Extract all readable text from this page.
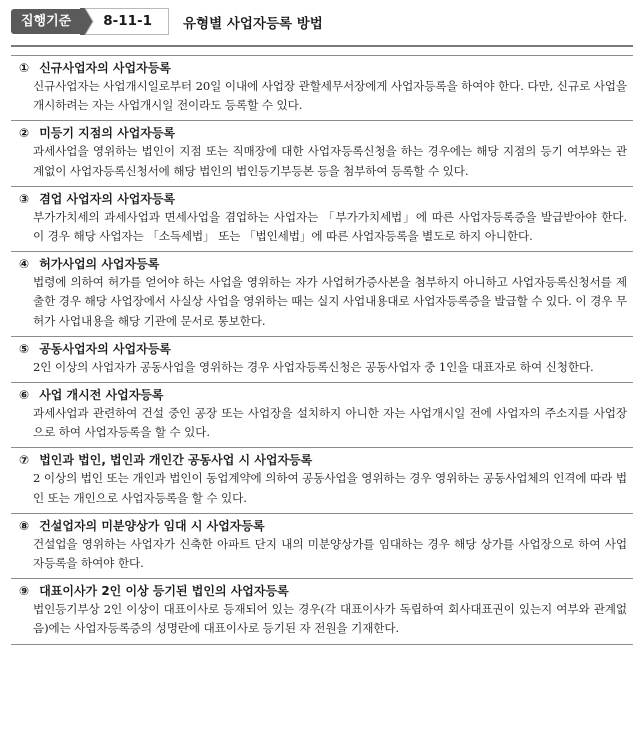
집행기준	8-11-1	유형별 사업자등록 방법
① 신규사업자의 사업자등록
신규사업자는 사업개시일로부터 20일 이내에 사업장 관할세무서장에게 사업자등록을 하여야 한다. 다만, 신규로 사업을 개시하려는 자는 사업개시일 전이라도 등록할 수 있다.
② 미등기 지점의 사업자등록
과세사업을 영위하는 법인이 지점 또는 직매장에 대한 사업자등록신청을 하는 경우에는 해당 지점의 등기 여부와는 관계없이 사업자등록신청서에 해당 법인의 법인등기부등본 등을 첨부하여 등록할 수 있다.
③ 겸업 사업자의 사업자등록
부가가치세의 과세사업과 면세사업을 겸업하는 사업자는 「부가가치세법」에 따른 사업자등록증을 발급받아야 한다. 이 경우 해당 사업자는 「소득세법」 또는 「법인세법」에 따른 사업자등록을 별도로 하지 아니한다.
④ 허가사업의 사업자등록
법령에 의하여 허가를 얻어야 하는 사업을 영위하는 자가 사업허가증사본을 첨부하지 아니하고 사업자등록신청서를 제출한 경우 해당 사업장에서 사실상 사업을 영위하는 때는 실지 사업내용대로 사업자등록증을 발급할 수 있다. 이 경우 무허가 사업내용을 해당 기관에 문서로 통보한다.
⑤ 공동사업자의 사업자등록
2인 이상의 사업자가 공동사업을 영위하는 경우 사업자등록신청은 공동사업자 중 1인을 대표자로 하여 신청한다.
⑥ 사업 개시전 사업자등록
과세사업과 관련하여 건설 중인 공장 또는 사업장을 설치하지 아니한 자는 사업개시일 전에 사업자의 주소지를 사업장으로 하여 사업자등록을 할 수 있다.
⑦ 법인과 법인, 법인과 개인간 공동사업 시 사업자등록
2 이상의 법인 또는 개인과 법인이 동업계약에 의하여 공동사업을 영위하는 경우 영위하는 공동사업체의 인격에 따라 법인 또는 개인으로 사업자등록을 할 수 있다.
⑧ 건설업자의 미분양상가 임대 시 사업자등록
건설업을 영위하는 사업자가 신축한 아파트 단지 내의 미분양상가를 임대하는 경우 해당 상가를 사업장으로 하여 사업자등록을 하여야 한다.
⑨ 대표이사가 2인 이상 등기된 법인의 사업자등록
법인등기부상 2인 이상이 대표이사로 등재되어 있는 경우(각 대표이사가 독립하여 회사대표권이 있는지 여부와 관계없음)에는 사업자등록증의 성명란에 대표이사로 등기된 자 전원을 기재한다.
